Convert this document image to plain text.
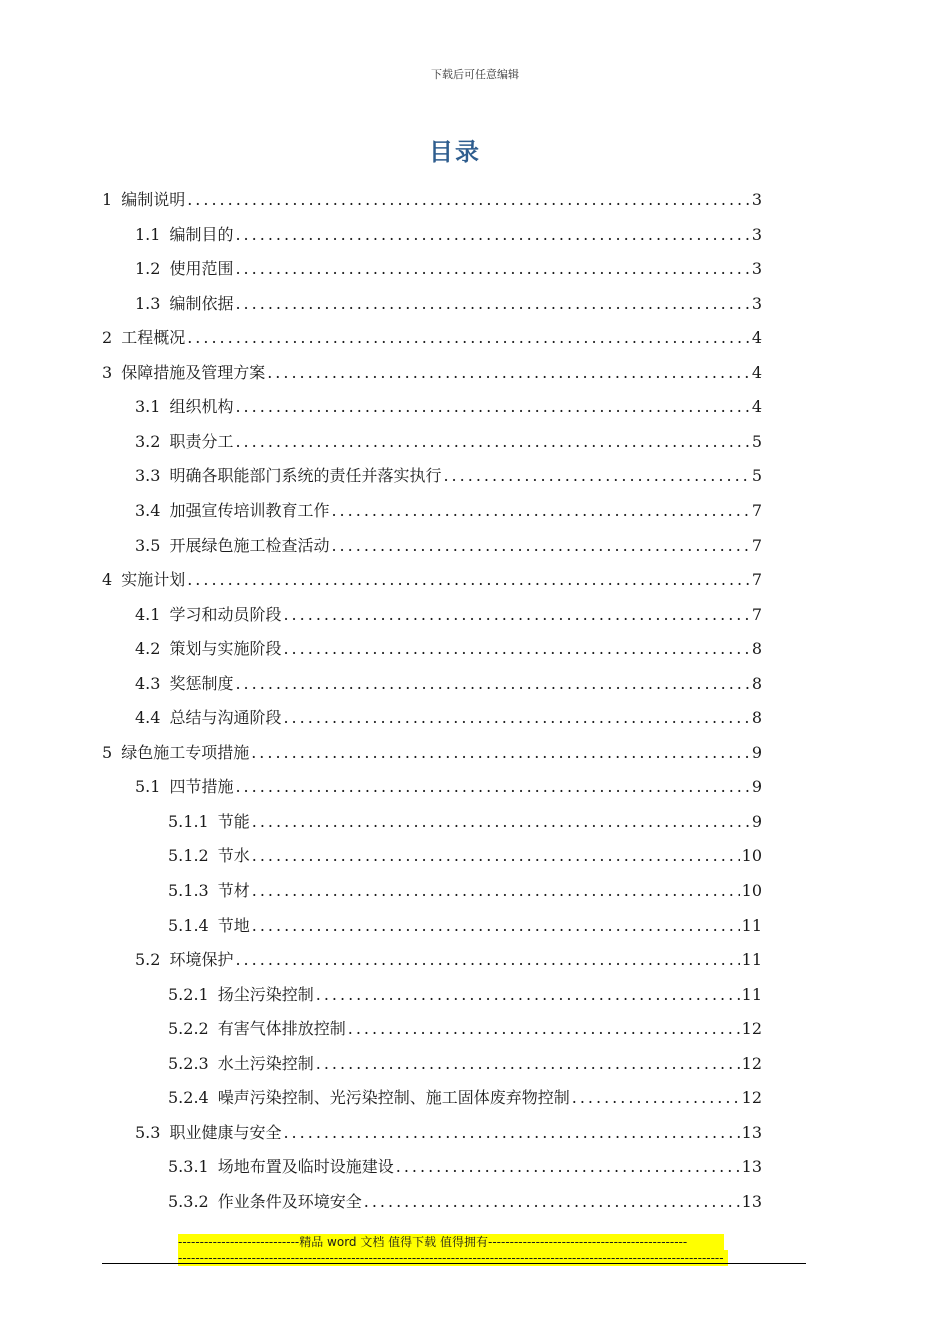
下载后可任意编辑
目录
1 编制说明 .....	3
1.1 编制目的 .....	3
1.2 使用范围 .....	3
1.3 编制依据 .....	3
2 工程概况 .....	4
3 保障措施及管理方案 .....	4
3.1 组织机构 .....	4
3.2 职责分工 .....	5
3.3 明确各职能部门系统的责任并落实执行 .....	5
3.4 加强宣传培训教育工作 .....	7
3.5 开展绿色施工检查活动 .....	7
4 实施计划 .....	7
4.1 学习和动员阶段 .....	7
4.2 策划与实施阶段 .....	8
4.3 奖惩制度 .....	8
4.4 总结与沟通阶段 .....	8
5 绿色施工专项措施 .....	9
5.1 四节措施 .....	9
5.1.1 节能 .....	9
5.1.2 节水 .....	10
5.1.3 节材 .....	10
5.1.4 节地 .....	11
5.2 环境保护 .....	11
5.2.1 扬尘污染控制 .....	11
5.2.2 有害气体排放控制 .....	12
5.2.3 水土污染控制 .....	12
5.2.4 噪声污染控制、光污染控制、施工固体废弃物控制 .....	12
5.3 职业健康与安全 .....	13
5.3.1 场地布置及临时设施建设 .....	13
5.3.2 作业条件及环境安全 .....	13
----------------------------精品 word 文档 值得下载 值得拥有----------------------------------------------
------------------------------------------------------------------------------------------------------------------------------
